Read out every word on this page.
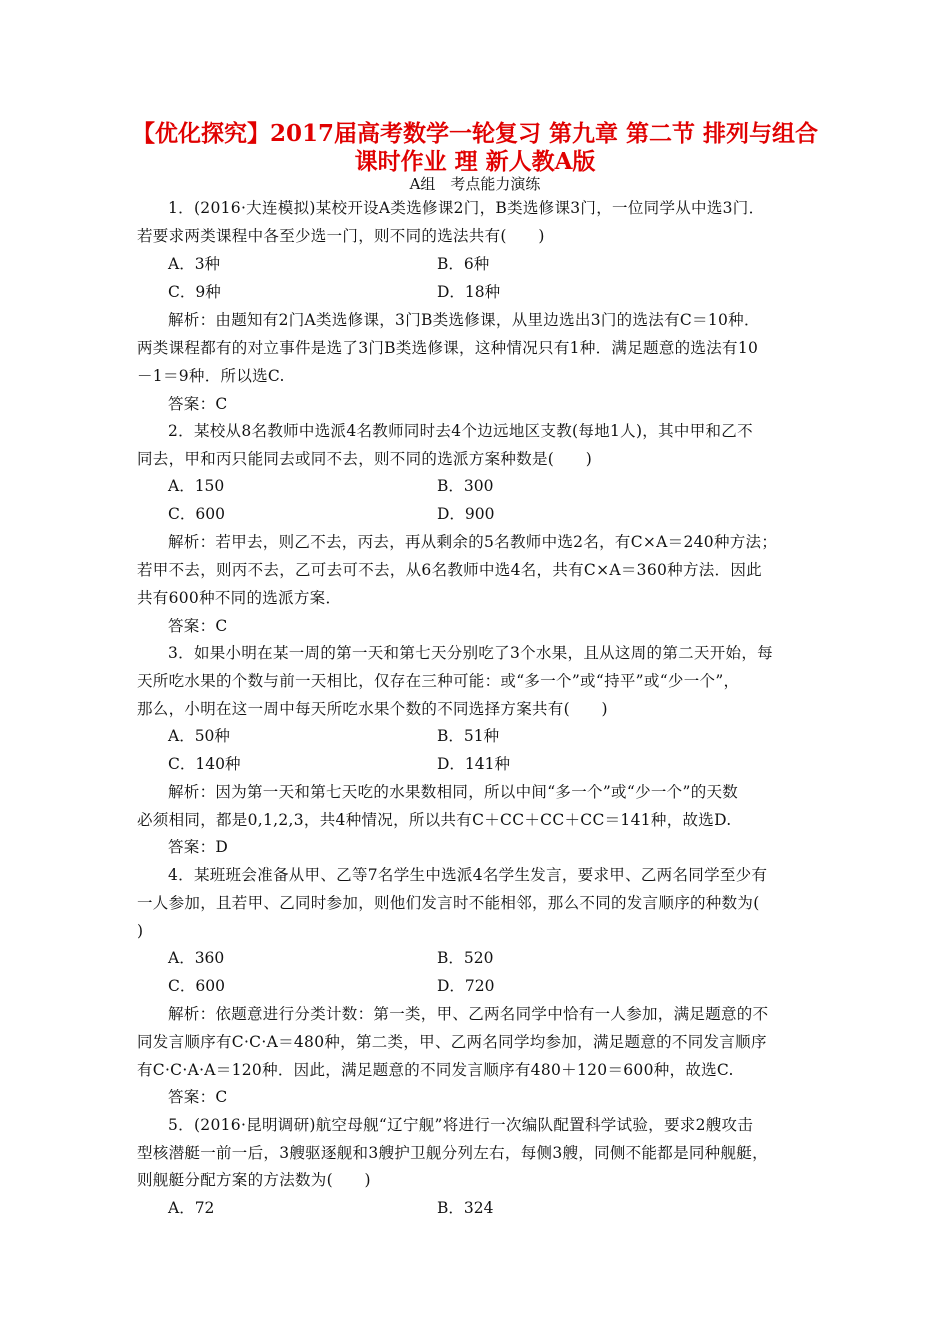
【优化探究】2017届高考数学一轮复习 第九章 第二节 排列与组合
课时作业 理 新人教A版
A组　考点能力演练
1．(2016·大连模拟)某校开设A类选修课2门，B类选修课3门，一位同学从中选3门．
若要求两类课程中各至少选一门，则不同的选法共有(　　)
A．3种	B．6种
C．9种	D．18种
解析：由题知有2门A类选修课，3门B类选修课，从里边选出3门的选法有C＝10种．
两类课程都有的对立事件是选了3门B类选修课，这种情况只有1种．满足题意的选法有10
－1＝9种．所以选C.
答案：C
2．某校从8名教师中选派4名教师同时去4个边远地区支教(每地1人)，其中甲和乙不
同去，甲和丙只能同去或同不去，则不同的选派方案种数是(　　)
A．150	B．300
C．600	D．900
解析：若甲去，则乙不去，丙去，再从剩余的5名教师中选2名，有C×A＝240种方法；
若甲不去，则丙不去，乙可去可不去，从6名教师中选4名，共有C×A＝360种方法．因此
共有600种不同的选派方案．
答案：C
3．如果小明在某一周的第一天和第七天分别吃了3个水果，且从这周的第二天开始，每
天所吃水果的个数与前一天相比，仅存在三种可能：或“多一个”或“持平”或“少一个”，
那么，小明在这一周中每天所吃水果个数的不同选择方案共有(　　)
A．50种	B．51种
C．140种	D．141种
解析：因为第一天和第七天吃的水果数相同，所以中间“多一个”或“少一个”的天数
必须相同，都是0,1,2,3，共4种情况，所以共有C＋CC＋CC＋CC＝141种，故选D.
答案：D
4．某班班会准备从甲、乙等7名学生中选派4名学生发言，要求甲、乙两名同学至少有
一人参加，且若甲、乙同时参加，则他们发言时不能相邻，那么不同的发言顺序的种数为(
)
A．360	B．520
C．600	D．720
解析：依题意进行分类计数：第一类，甲、乙两名同学中恰有一人参加，满足题意的不
同发言顺序有C·C·A＝480种，第二类，甲、乙两名同学均参加，满足题意的不同发言顺序
有C·C·A·A＝120种．因此，满足题意的不同发言顺序有480＋120＝600种，故选C.
答案：C
5．(2016·昆明调研)航空母舰“辽宁舰”将进行一次编队配置科学试验，要求2艘攻击
型核潜艇一前一后，3艘驱逐舰和3艘护卫舰分列左右，每侧3艘，同侧不能都是同种舰艇，
则舰艇分配方案的方法数为(　　)
A．72	B．324
